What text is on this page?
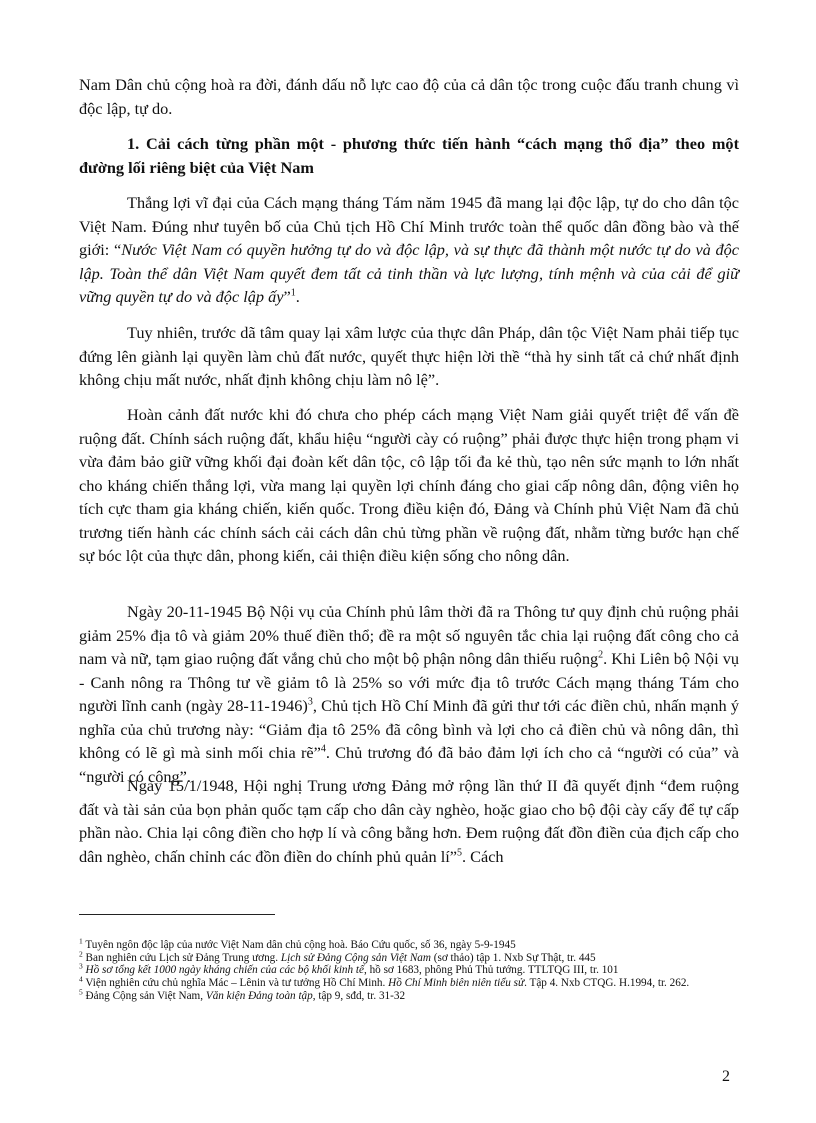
Nam Dân chủ cộng hoà ra đời, đánh dấu nỗ lực cao độ của cả dân tộc trong cuộc đấu tranh chung vì độc lập, tự do.

1. Cải cách từng phần một - phương thức tiến hành “cách mạng thổ địa” theo một đường lối riêng biệt của Việt Nam

Thắng lợi vĩ đại của Cách mạng tháng Tám năm 1945 đã mang lại độc lập, tự do cho dân tộc Việt Nam. Đúng như tuyên bố của Chủ tịch Hồ Chí Minh trước toàn thể quốc dân đồng bào và thế giới: “Nước Việt Nam có quyền hưởng tự do và độc lập, và sự thực đã thành một nước tự do và độc lập. Toàn thể dân Việt Nam quyết đem tất cả tinh thần và lực lượng, tính mệnh và của cải để giữ vững quyền tự do và độc lập ấy”$^1$.

Tuy nhiên, trước dã tâm quay lại xâm lược của thực dân Pháp, dân tộc Việt Nam phải tiếp tục đứng lên giành lại quyền làm chủ đất nước, quyết thực hiện lời thề “thà hy sinh tất cả chứ nhất định không chịu mất nước, nhất định không chịu làm nô lệ”.

Hoàn cảnh đất nước khi đó chưa cho phép cách mạng Việt Nam giải quyết triệt để vấn đề ruộng đất. Chính sách ruộng đất, khẩu hiệu “người cày có ruộng” phải được thực hiện trong phạm vi vừa đảm bảo giữ vững khối đại đoàn kết dân tộc, cô lập tối đa kẻ thù, tạo nên sức mạnh to lớn nhất cho kháng chiến thắng lợi, vừa mang lại quyền lợi chính đáng cho giai cấp nông dân, động viên họ tích cực tham gia kháng chiến, kiến quốc. Trong điều kiện đó, Đảng và Chính phủ Việt Nam đã chủ trương tiến hành các chính sách cải cách dân chủ từng phần về ruộng đất, nhằm từng bước hạn chế sự bóc lột của thực dân, phong kiến, cải thiện điều kiện sống cho nông dân.

Ngày 20-11-1945 Bộ Nội vụ của Chính phủ lâm thời đã ra Thông tư quy định chủ ruộng phải giảm 25% địa tô và giảm 20% thuế điền thổ; đề ra một số nguyên tắc chia lại ruộng đất công cho cả nam và nữ, tạm giao ruộng đất vắng chủ cho một bộ phận nông dân thiếu ruộng$^2$. Khi Liên bộ Nội vụ - Canh nông ra Thông tư về giảm tô là 25% so với mức địa tô trước Cách mạng tháng Tám cho người lĩnh canh (ngày 28-11-1946)$^3$, Chủ tịch Hồ Chí Minh đã gửi thư tới các điền chủ, nhấn mạnh ý nghĩa của chủ trương này: “Giảm địa tô 25% đã công bình và lợi cho cả điền chủ và nông dân, thì không có lẽ gì mà sinh mối chia rẽ”$^4$. Chủ trương đó đã bảo đảm lợi ích cho cả “người có của” và “người có công”.

Ngày 15/1/1948, Hội nghị Trung ương Đảng mở rộng lần thứ II đã quyết định “đem ruộng đất và tài sản của bọn phản quốc tạm cấp cho dân cày nghèo, hoặc giao cho bộ đội cày cấy để tự cấp phần nào. Chia lại công điền cho hợp lí và công bằng hơn. Đem ruộng đất đồn điền của địch cấp cho dân nghèo, chấn chỉnh các đồn điền do chính phủ quản lí”$^5$. Cách

$^1$ Tuyên ngôn độc lập của nước Việt Nam dân chủ cộng hoà. Báo Cứu quốc, số 36, ngày 5-9-1945

$^2$ Ban nghiên cứu Lịch sử Đảng Trung ương. Lịch sử Đảng Cộng sản Việt Nam (sơ thảo) tập 1. Nxb Sự Thật, tr. 445

$^3$ Hồ sơ tổng kết 1000 ngày kháng chiến của các bộ khối kinh tế, hồ sơ 1683, phông Phủ Thủ tướng. TTLTQG III, tr. 101

$^4$ Viện nghiên cứu chủ nghĩa Mác – Lênin và tư tưởng Hồ Chí Minh. Hồ Chí Minh biên niên tiểu sử. Tập 4. Nxb CTQG. H.1994, tr. 262.

$^5$ Đảng Cộng sản Việt Nam, Văn kiện Đảng toàn tập, tập 9, sđd, tr. 31-32

2
